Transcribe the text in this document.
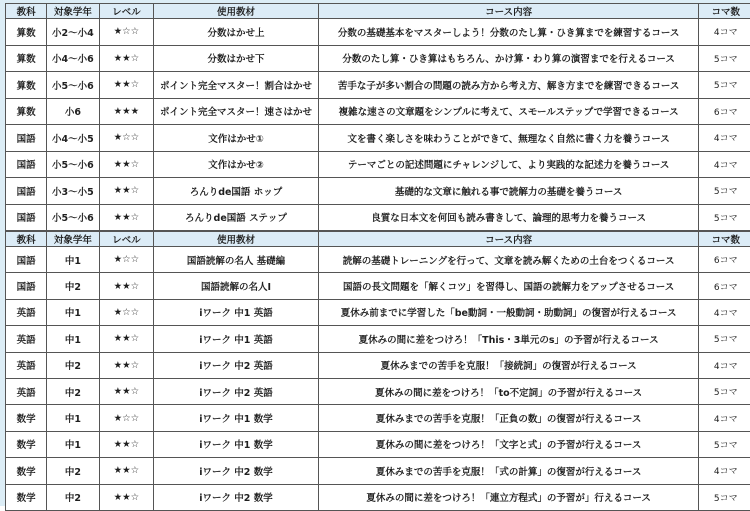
教科	対象学年	レベル	使用教材	コース内容	コマ数
算数	小2～小4	★☆☆	分数はかせ上	分数の基礎基本をマスターしよう！分数のたし算・ひき算までを練習するコース	4コマ
算数	小4～小6	★★☆	分数はかせ下	分数のたし算・ひき算はもちろん、かけ算・わり算の演習までを行えるコース	5コマ
算数	小5～小6	★★☆	ポイント完全マスター！割合はかせ	苦手な子が多い割合の問題の読み方から考え方、解き方までを練習できるコース	5コマ
算数	小6	★★★	ポイント完全マスター！速さはかせ	複雑な速さの文章題をシンプルに考えて、スモールステップで学習できるコース	6コマ
国語	小4～小5	★☆☆	文作はかせ①	文を書く楽しさを味わうことができて、無理なく自然に書く力を養うコース	4コマ
国語	小5～小6	★★☆	文作はかせ②	テーマごとの記述問題にチャレンジして、より実践的な記述力を養うコース	4コマ
国語	小3～小5	★★☆	ろんりde国語 ホップ	基礎的な文章に触れる事で読解力の基礎を養うコース	5コマ
国語	小5～小6	★★☆	ろんりde国語 ステップ	良質な日本文を何回も読み書きして、論理的思考力を養うコース	5コマ
教科	対象学年	レベル	使用教材	コース内容	コマ数
国語	中1	★☆☆	国語読解の名人 基礎編	読解の基礎トレーニングを行って、文章を読み解くための土台をつくるコース	6コマ
国語	中2	★★☆	国語読解の名人Ⅰ	国語の長文問題を「解くコツ」を習得し、国語の読解力をアップさせるコース	6コマ
英語	中1	★☆☆	iワーク 中1 英語	夏休み前までに学習した「be動詞・一般動詞・助動詞」の復習が行えるコース	4コマ
英語	中1	★★☆	iワーク 中1 英語	夏休みの間に差をつけろ！「This・3単元のs」の予習が行えるコース	5コマ
英語	中2	★★☆	iワーク 中2 英語	夏休みまでの苦手を克服！「接続詞」の復習が行えるコース	4コマ
英語	中2	★★☆	iワーク 中2 英語	夏休みの間に差をつけろ！「to不定詞」の予習が行えるコース	5コマ
数学	中1	★☆☆	iワーク 中1 数学	夏休みまでの苦手を克服！「正負の数」の復習が行えるコース	4コマ
数学	中1	★★☆	iワーク 中1 数学	夏休みの間に差をつけろ！「文字と式」の予習が行えるコース	5コマ
数学	中2	★★☆	iワーク 中2 数学	夏休みまでの苦手を克服！「式の計算」の復習が行えるコース	4コマ
数学	中2	★★☆	iワーク 中2 数学	夏休みの間に差をつけろ！「連立方程式」の予習が」行えるコース	5コマ
